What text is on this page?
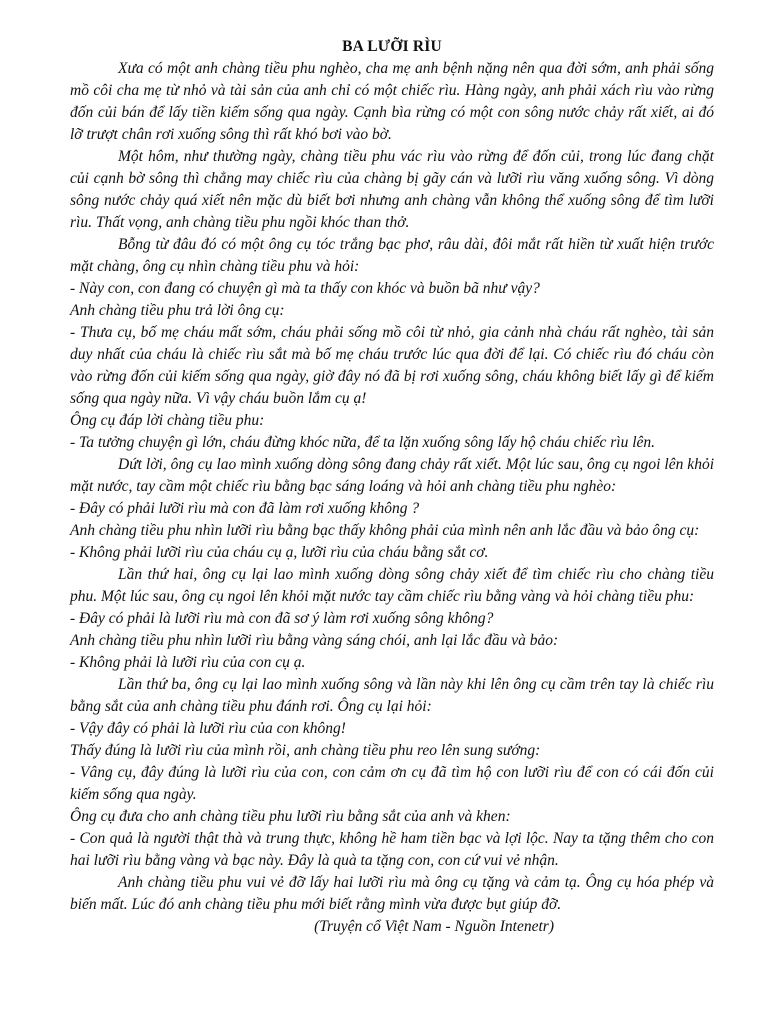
BA LƯỠI RÌU

Xưa có một anh chàng tiều phu nghèo, cha mẹ anh bệnh nặng nên qua đời sớm, anh phải sống mồ côi cha mẹ từ nhỏ và tài sản của anh chỉ có một chiếc rìu. Hàng ngày, anh phải xách rìu vào rừng đốn củi bán để lấy tiền kiếm sống qua ngày. Cạnh bìa rừng có một con sông nước chảy rất xiết, ai đó lỡ trượt chân rơi xuống sông thì rất khó bơi vào bờ.

Một hôm, như thường ngày, chàng tiều phu vác rìu vào rừng để đốn củi, trong lúc đang chặt củi cạnh bờ sông thì chẳng may chiếc rìu của chàng bị gãy cán và lưỡi rìu văng xuống sông. Vì dòng sông nước chảy quá xiết nên mặc dù biết bơi nhưng anh chàng vẫn không thể xuống sông để tìm lưỡi rìu. Thất vọng, anh chàng tiều phu ngồi khóc than thở.

Bỗng từ đâu đó có một ông cụ tóc trắng bạc phơ, râu dài, đôi mắt rất hiền từ xuất hiện trước mặt chàng, ông cụ nhìn chàng tiều phu và hỏi:

- Này con, con đang có chuyện gì mà ta thấy con khóc và buồn bã như vậy?

Anh chàng tiều phu trả lời ông cụ:

- Thưa cụ, bố mẹ cháu mất sớm, cháu phải sống mồ côi từ nhỏ, gia cảnh nhà cháu rất nghèo, tài sản duy nhất của cháu là chiếc rìu sắt mà bố mẹ cháu trước lúc qua đời để lại. Có chiếc rìu đó cháu còn vào rừng đốn củi kiếm sống qua ngày, giờ đây nó đã bị rơi xuống sông, cháu không biết lấy gì để kiếm sống qua ngày nữa. Vì vậy cháu buồn lắm cụ ạ!

Ông cụ đáp lời chàng tiều phu:

- Ta tưởng chuyện gì lớn, cháu đừng khóc nữa, để ta lặn xuống sông lấy hộ cháu chiếc rìu lên.

Dứt lời, ông cụ lao mình xuống dòng sông đang chảy rất xiết. Một lúc sau, ông cụ ngoi lên khỏi mặt nước, tay cầm một chiếc rìu bằng bạc sáng loáng và hỏi anh chàng tiều phu nghèo:

- Đây có phải lưỡi rìu mà con đã làm rơi xuống không ?

Anh chàng tiều phu nhìn lưỡi rìu bằng bạc thấy không phải của mình nên anh lắc đầu và bảo ông cụ:

- Không phải lưỡi rìu của cháu cụ ạ, lưỡi rìu của cháu bằng sắt cơ.

Lần thứ hai, ông cụ lại lao mình xuống dòng sông chảy xiết để tìm chiếc rìu cho chàng tiều phu. Một lúc sau, ông cụ ngoi lên khỏi mặt nước tay cầm chiếc rìu bằng vàng và hỏi chàng tiều phu:

- Đây có phải là lưỡi rìu mà con đã sơ ý làm rơi xuống sông không?

Anh chàng tiều phu nhìn lưỡi rìu bằng vàng sáng chói, anh lại lắc đầu và bảo:

- Không phải là lưỡi rìu của con cụ ạ.

Lần thứ ba, ông cụ lại lao mình xuống sông và lần này khi lên ông cụ cầm trên tay là chiếc rìu bằng sắt của anh chàng tiều phu đánh rơi. Ông cụ lại hỏi:

- Vậy đây có phải là lưỡi rìu của con không!

Thấy đúng là lưỡi rìu của mình rồi, anh chàng tiều phu reo lên sung sướng:

- Vâng cụ, đây đúng là lưỡi rìu của con, con cảm ơn cụ đã tìm hộ con lưỡi rìu để con có cái đốn củi kiếm sống qua ngày.

Ông cụ đưa cho anh chàng tiều phu lưỡi rìu bằng sắt của anh và khen:

- Con quả là người thật thà và trung thực, không hề ham tiền bạc và lợi lộc. Nay ta tặng thêm cho con hai lưỡi rìu bằng vàng và bạc này. Đây là quà ta tặng con, con cứ vui vẻ nhận.

Anh chàng tiều phu vui vẻ đỡ lấy hai lưỡi rìu mà ông cụ tặng và cảm tạ. Ông cụ hóa phép và biến mất. Lúc đó anh chàng tiều phu mới biết rằng mình vừa được bụt giúp đỡ.

(Truyện cổ Việt Nam - Nguồn Intenetr)
